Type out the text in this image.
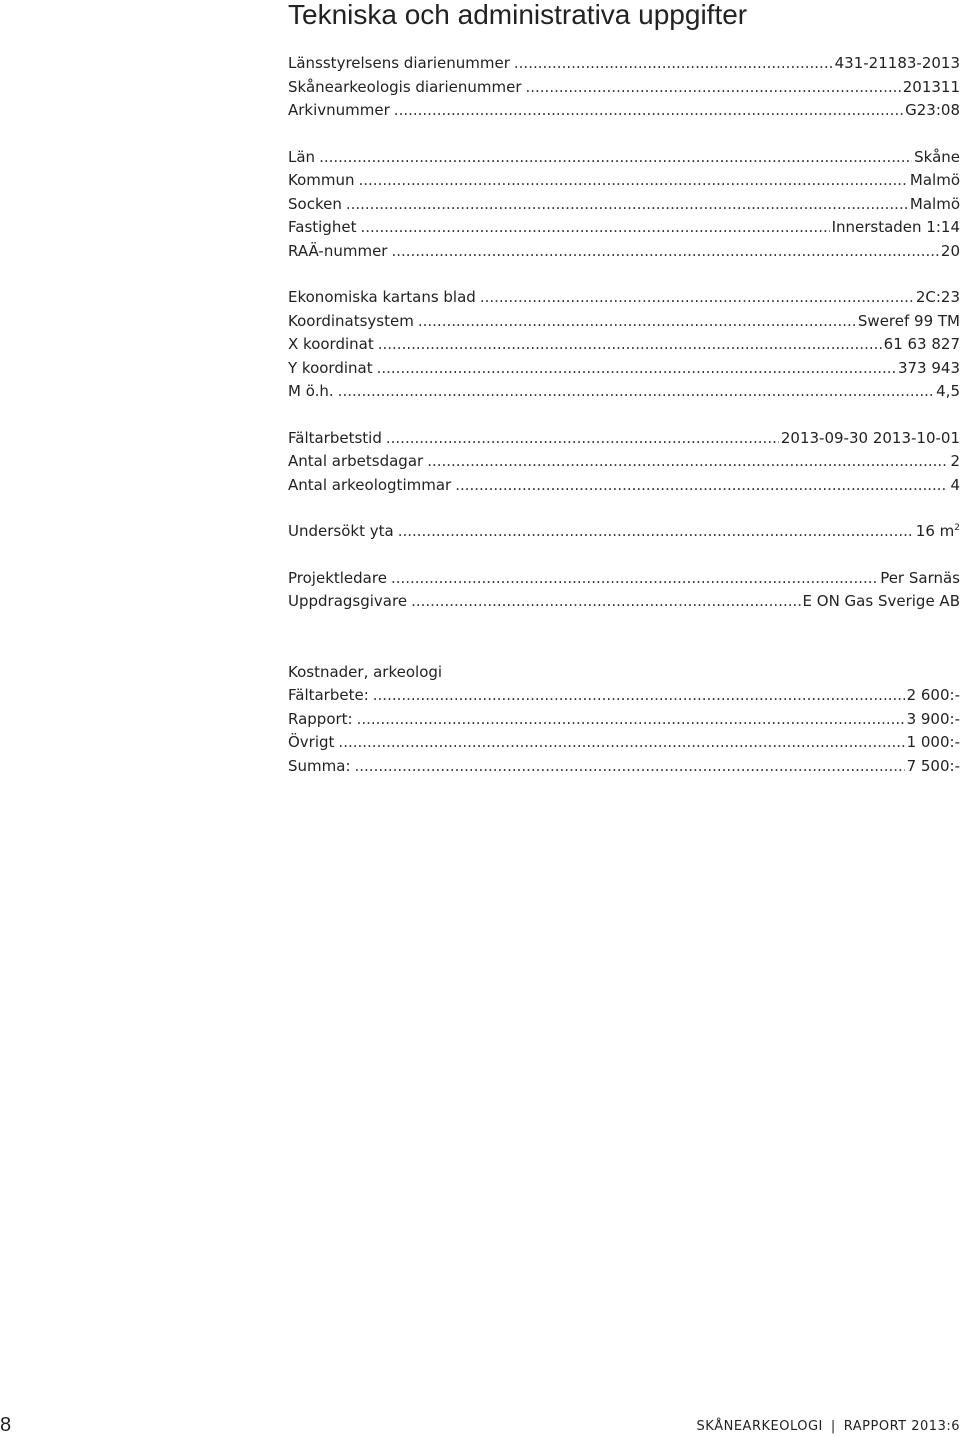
Tekniska och administrativa uppgifter
Länsstyrelsens diarienummer .....	431-21183-2013
Skånearkeologis diarienummer .....	201311
Arkivnummer .....	G23:08
Län .....	Skåne
Kommun .....	Malmö
Socken .....	Malmö
Fastighet .....	Innerstaden 1:14
RAÄ-nummer .....	20
Ekonomiska kartans blad .....	2C:23
Koordinatsystem .....	Sweref 99 TM
X koordinat .....	61 63 827
Y koordinat .....	373 943
M ö.h. .....	4,5
Fältarbetstid .....	2013-09-30 2013-10-01
Antal arbetsdagar .....	2
Antal arkeologtimmar .....	4
Undersökt yta .....	16 $m^2$
Projektledare .....	Per Sarnäs
Uppdragsgivare .....	E ON Gas Sverige AB
Kostnader, arkeologi
Fältarbete: .....	2 600:-
Rapport: .....	3 900:-
Övrigt .....	1 000:-
Summa: .....	7 500:-
8	SKÅNEARKEOLOGI | RAPPORT 2013:6
